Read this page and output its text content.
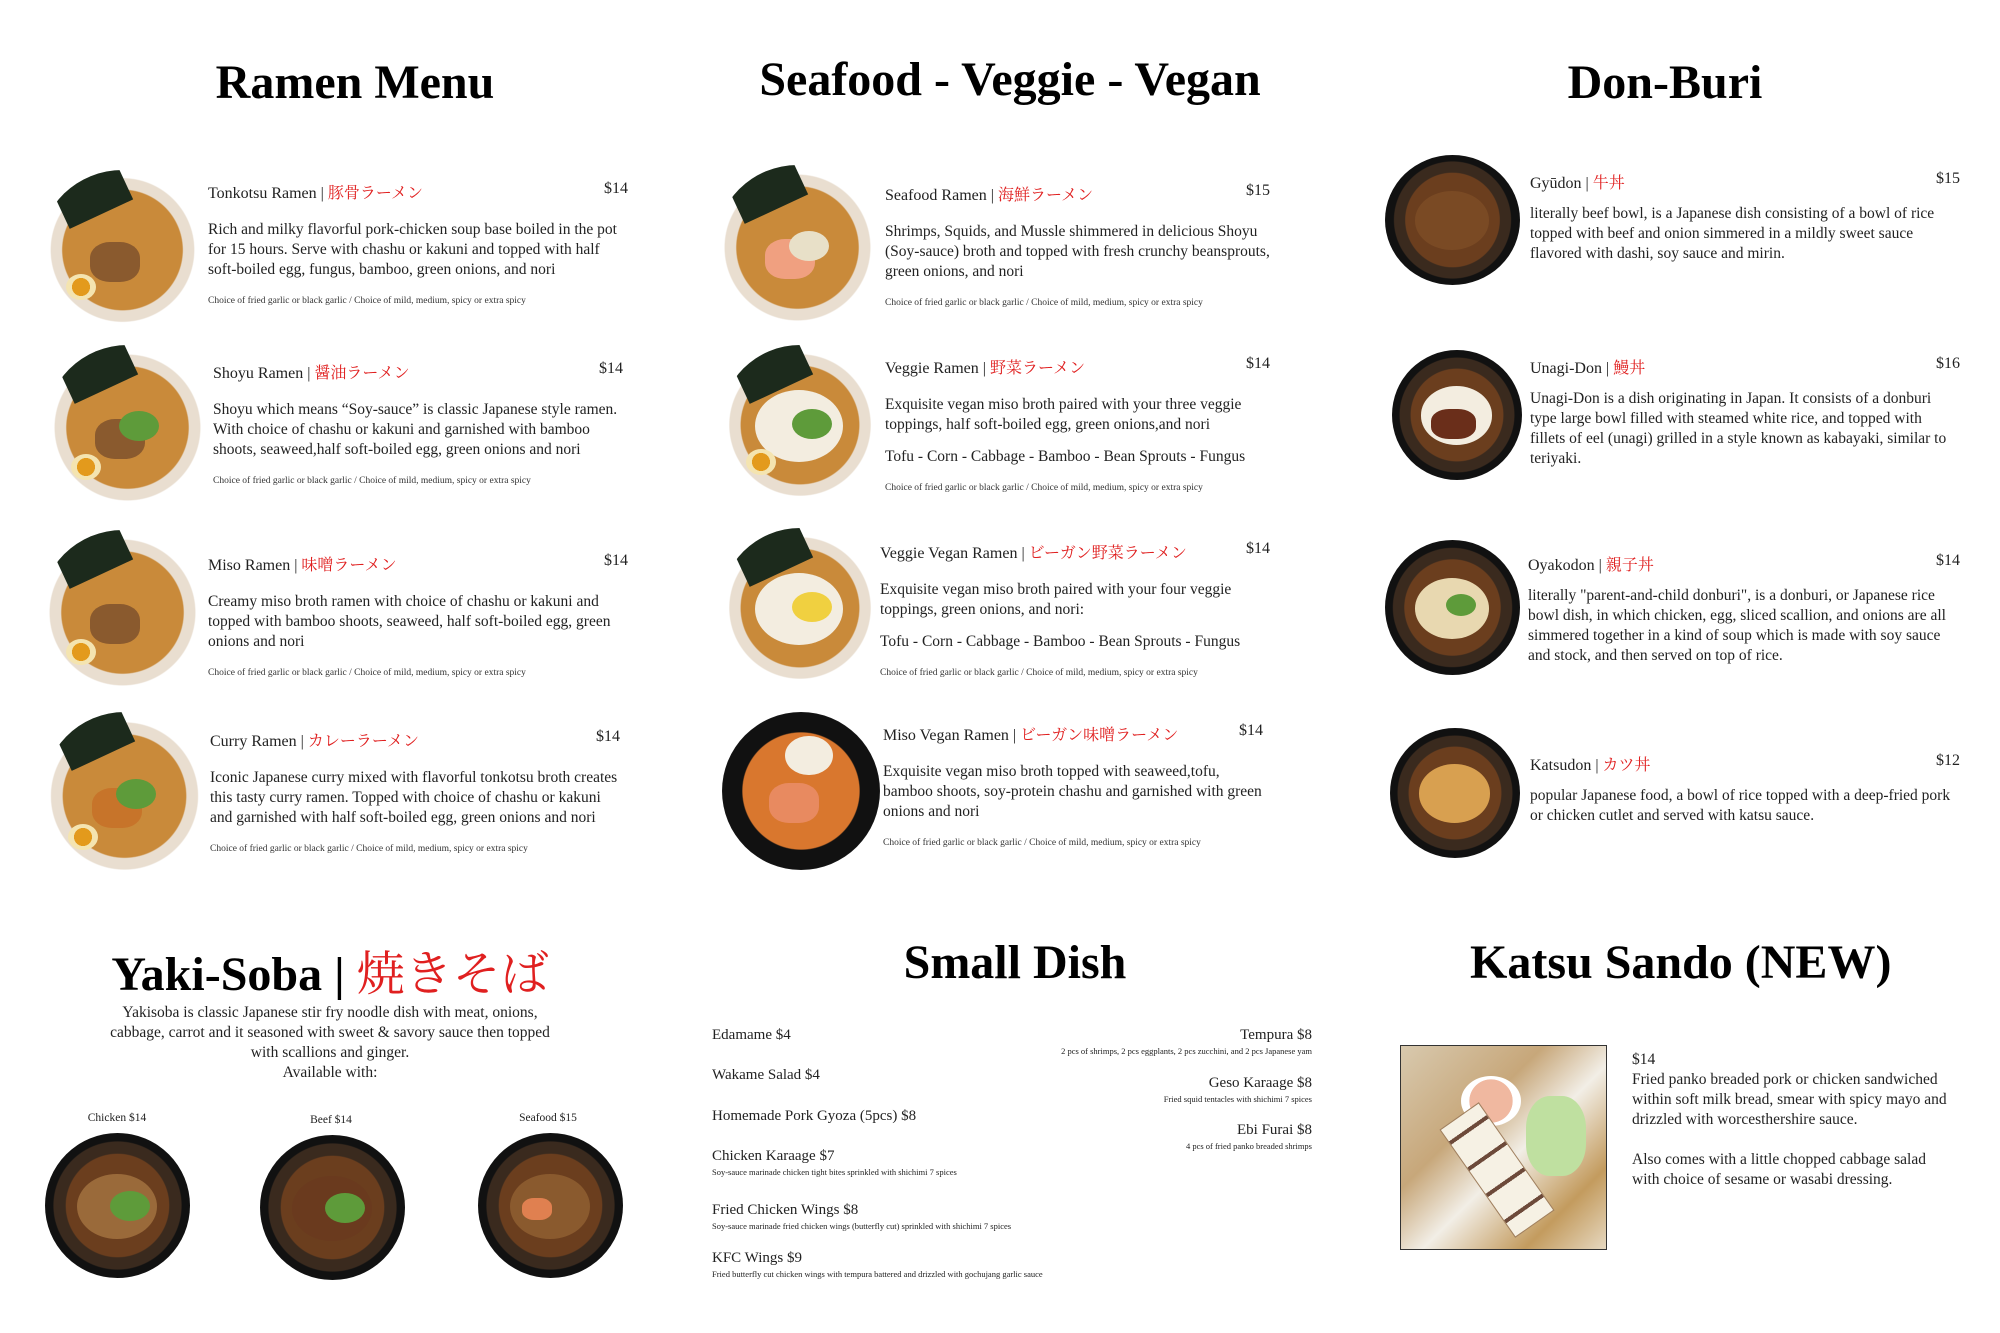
Ramen Menu
Tonkotsu Ramen | 豚骨ラーメン	$14
Rich and milky flavorful pork-chicken soup base boiled in the pot for 15 hours. Serve with chashu or kakuni and topped with half soft-boiled egg, fungus, bamboo, green onions, and nori
Choice of fried garlic or black garlic / Choice of mild, medium, spicy or extra spicy
Shoyu Ramen | 醤油ラーメン	$14
Shoyu which means “Soy-sauce” is classic Japanese style ramen. With choice of chashu or kakuni and garnished with bamboo shoots, seaweed,half soft-boiled egg, green onions and nori
Choice of fried garlic or black garlic / Choice of mild, medium, spicy or extra spicy
Miso Ramen | 味噌ラーメン	$14
Creamy miso broth ramen with choice of chashu or kakuni and topped with bamboo shoots, seaweed, half soft-boiled egg, green onions and nori
Choice of fried garlic or black garlic / Choice of mild, medium, spicy or extra spicy
Curry Ramen | カレーラーメン	$14
Iconic Japanese curry mixed with flavorful tonkotsu broth creates this tasty curry ramen. Topped with choice of chashu or kakuni and garnished with half soft-boiled egg, green onions and nori
Choice of fried garlic or black garlic / Choice of mild, medium, spicy or extra spicy
Seafood - Veggie - Vegan
Seafood Ramen | 海鮮ラーメン	$15
Shrimps, Squids, and Mussle shimmered in delicious Shoyu (Soy-sauce) broth and topped with fresh crunchy beansprouts, green onions, and nori
Choice of fried garlic or black garlic / Choice of mild, medium, spicy or extra spicy
Veggie Ramen | 野菜ラーメン	$14
Exquisite vegan miso broth paired with your three veggie toppings, half soft-boiled egg, green onions,and nori
Tofu - Corn - Cabbage - Bamboo - Bean Sprouts - Fungus
Choice of fried garlic or black garlic / Choice of mild, medium, spicy or extra spicy
Veggie Vegan Ramen | ビーガン野菜ラーメン	$14
Exquisite vegan miso broth paired with your four veggie toppings, green onions, and nori:
Tofu - Corn - Cabbage - Bamboo - Bean Sprouts - Fungus
Choice of fried garlic or black garlic / Choice of mild, medium, spicy or extra spicy
Miso Vegan Ramen | ビーガン味噌ラーメン	$14
Exquisite vegan miso broth topped with seaweed,tofu, bamboo shoots, soy-protein chashu and garnished with green onions and nori
Choice of fried garlic or black garlic / Choice of mild, medium, spicy or extra spicy
Don-Buri
Gyūdon | 牛丼	$15
literally beef bowl, is a Japanese dish consisting of a bowl of rice topped with beef and onion simmered in a mildly sweet sauce flavored with dashi, soy sauce and mirin.
Unagi-Don | 鰻丼	$16
Unagi-Don is a dish originating in Japan. It consists of a donburi type large bowl filled with steamed white rice, and topped with fillets of eel (unagi) grilled in a style known as kabayaki, similar to teriyaki.
Oyakodon | 親子丼	$14
literally "parent-and-child donburi", is a donburi, or Japanese rice bowl dish, in which chicken, egg, sliced scallion, and onions are all simmered together in a kind of soup which is made with soy sauce and stock, and then served on top of rice.
Katsudon | カツ丼	$12
popular Japanese food, a bowl of rice topped with a deep-fried pork or chicken cutlet and served with katsu sauce.
Yaki-Soba | 焼きそば
Yakisoba is classic Japanese stir fry noodle dish with meat, onions, cabbage, carrot and it seasoned with sweet & savory sauce then topped with scallions and ginger.
Available with:
Chicken $14	Beef $14	Seafood $15
Small Dish
Edamame $4
Wakame Salad $4
Homemade Pork Gyoza (5pcs) $8
Chicken Karaage $7
Soy-sauce marinade chicken tight bites sprinkled with shichimi 7 spices
Fried Chicken Wings $8
Soy-sauce marinade fried chicken wings (butterfly cut) sprinkled with shichimi 7 spices
KFC Wings $9
Fried butterfly cut chicken wings with tempura battered and drizzled with gochujang garlic sauce
Tempura $8
2 pcs of shrimps, 2 pcs eggplants, 2 pcs zucchini, and 2 pcs Japanese yam
Geso Karaage $8
Fried squid tentacles with shichimi 7 spices
Ebi Furai $8
4 pcs of fried panko breaded shrimps
Katsu Sando (NEW)
$14
Fried panko breaded pork or chicken sandwiched within soft milk bread, smear with spicy mayo and drizzled with worcesthershire sauce.
Also comes with a little chopped cabbage salad with choice of sesame or wasabi dressing.
